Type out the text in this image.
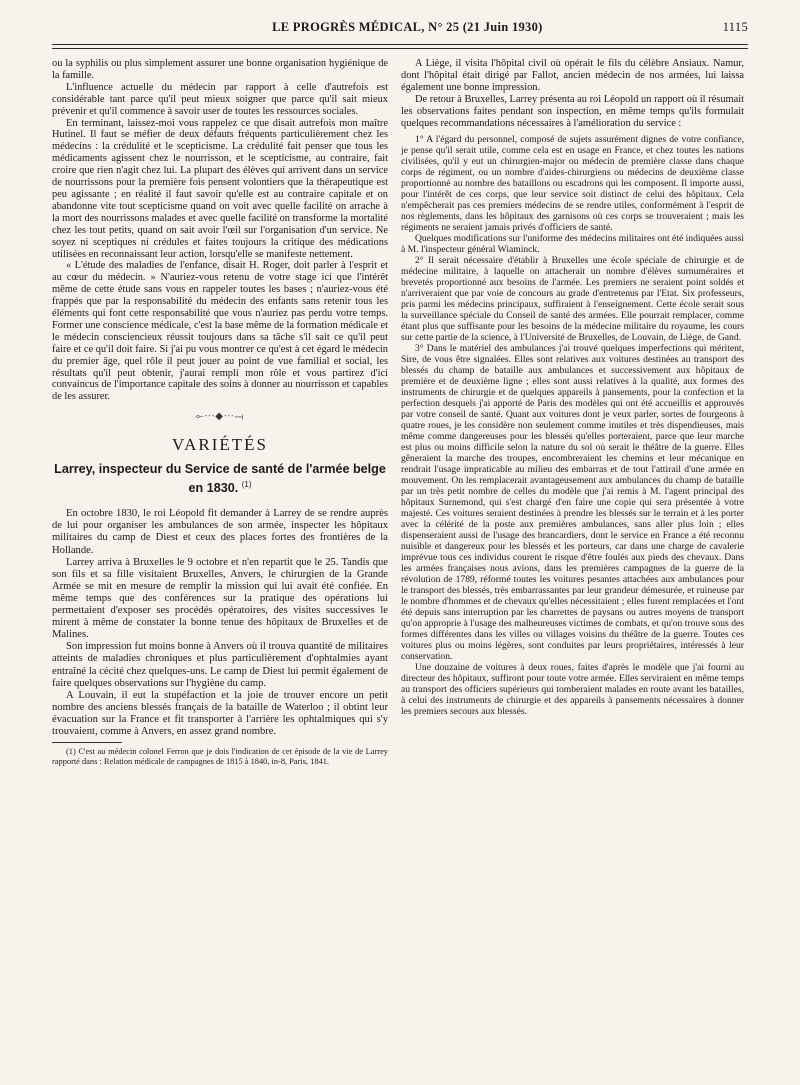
LE PROGRÈS MÉDICAL, N° 25 (21 Juin 1930)	1115

ou la syphilis ou plus simplement assurer une bonne organisation hygiénique de la famille.

L'influence actuelle du médecin par rapport à celle d'autrefois est considérable tant parce qu'il peut mieux soigner que parce qu'il sait mieux prévenir et qu'il commence à savoir user de toutes les ressources sociales.

En terminant, laissez-moi vous rappelez ce que disait autrefois mon maître Hutinel. Il faut se méfier de deux défauts fréquents particulièrement chez les médecins : la crédulité et le scepticisme. La crédulité fait penser que tous les médicaments agissent chez le nourrisson, et le scepticisme, au contraire, fait croire que rien n'agit chez lui. La plupart des élèves qui arrivent dans un service de nourrissons pour la première fois pensent volontiers que la thérapeutique est peu agissante ; en réalité il faut savoir qu'elle est au contraire capitale et on abandonne vite tout scepticisme quand on voit avec quelle facilité on arrache à la mort des nourrissons malades et avec quelle facilité on transforme la mortalité chez les tout petits, quand on sait avoir l'œil sur l'organisation d'un service. Ne soyez ni sceptiques ni crédules et faites toujours la critique des médications utilisées en reconnaissant leur action, lorsqu'elle se manifeste nettement.

« L'étude des maladies de l'enfance, disait H. Roger, doit parler à l'esprit et au cœur du médecin. » N'auriez-vous retenu de votre stage ici que l'intérêt même de cette étude sans vous en rappeler toutes les bases ; n'auriez-vous été frappés que par la responsabilité du médecin des enfants sans retenir tous les éléments qui font cette responsabilité que vous n'auriez pas perdu votre temps. Former une conscience médicale, c'est la base même de la formation médicale et le médecin consciencieux réussit toujours dans sa tâche s'il sait ce qu'il peut faire et ce qu'il doit faire. Si j'ai pu vous montrer ce qu'est à cet égard le médecin du premier âge, quel rôle il peut jouer au point de vue familial et social, les résultats qu'il peut obtenir, j'aurai rempli mon rôle et vous partirez d'ici convaincus de l'importance capitale des soins à donner au nourrisson et capables de les assurer.

⟜∙∙∙◆∙∙∙⟞
VARIÉTÉS
Larrey, inspecteur du Service de santé de l'armée belge en 1830. $^{(1)}$

En octobre 1830, le roi Léopold fit demander à Larrey de se rendre auprès de lui pour organiser les ambulances de son armée, inspecter les hôpitaux militaires du camp de Diest et ceux des places fortes des frontières de la Hollande.

Larrey arriva à Bruxelles le 9 octobre et n'en repartit que le 25. Tandis que son fils et sa fille visitaient Bruxelles, Anvers, le chirurgien de la Grande Armée se mit en mesure de remplir la mission qui lui avait été confiée. En même temps que des conférences sur la pratique des opérations lui permettaient d'exposer ses procédés opératoires, des visites successives le mirent à même de constater la bonne tenue des hôpitaux de Bruxelles et de Malines.

Son impression fut moins bonne à Anvers où il trouva quantité de militaires atteints de maladies chroniques et plus particulièrement d'ophtalmies ayant entraîné la cécité chez quelques-uns. Le camp de Diest lui permit également de faire quelques observations sur l'hygiène du camp.

A Louvain, il eut la stupéfaction et la joie de trouver encore un petit nombre des anciens blessés français de la bataille de Waterloo ; il obtint leur évacuation sur la France et fit transporter à l'arrière les ophtalmiques qui s'y trouvaient, comme à Anvers, en assez grand nombre.

(1) C'est au médecin colonel Ferron que je dois l'indication de cet épisode de la vie de Larrey rapporté dans : Relation médicale de campagnes de 1815 à 1840, in-8, Paris, 1841.

A Liège, il visita l'hôpital civil où opérait le fils du célèbre Ansiaux. Namur, dont l'hôpital était dirigé par Fallot, ancien médecin de nos armées, lui laissa également une bonne impression.

De retour à Bruxelles, Larrey présenta au roi Léopold un rapport où il résumait les observations faites pendant son inspection, en même temps qu'ils formulait quelques recommandations nécessaires à l'amélioration du service :

1° A l'égard du personnel, composé de sujets assurément dignes de votre confiance, je pense qu'il serait utile, comme cela est en usage en France, et chez toutes les nations civilisées, qu'il y eut un chirurgien-major ou médecin de première classe dans chaque corps de régiment, ou un nombre d'aides-chirurgiens ou médecins de deuxième classe proportionné au nombre des bataillons ou escadrons qui les composent. Il importe aussi, pour l'intérêt de ces corps, que leur service soit distinct de celui des hôpitaux. Cela n'empêcherait pas ces premiers médecins de se rendre utiles, conformément à l'esprit de nos règlements, dans les hôpitaux des garnisons où ces corps se trouveraient ; mais les régiments ne seraient jamais privés d'officiers de santé.

Quelques modifications sur l'uniforme des médecins militaires ont été indiquées aussi à M. l'inspecteur général Wiaminck.

2° Il serait nécessaire d'établir à Bruxelles une école spéciale de chirurgie et de médecine militaire, à laquelle on attacherait un nombre d'élèves surnuméraires et brevetés proportionné aux besoins de l'armée. Les premiers ne seraient point soldés et n'arriveraient que par voie de concours au grade d'entretenus par l'Etat. Six professeurs, pris parmi les médecins principaux, suffiraient à l'enseignement. Cette école serait sous la surveillance spéciale du Conseil de santé des armées. Elle pourrait remplacer, comme étant plus que suffisante pour les besoins de la médecine militaire du royaume, les cours sur cette partie de la science, à l'Université de Bruxelles, de Louvain, de Liège, de Gand.

3° Dans le matériel des ambulances j'ai trouvé quelques imperfections qui méritent, Sire, de vous être signalées. Elles sont relatives aux voitures destinées au transport des blessés du champ de bataille aux ambulances et successivement aux hôpitaux de première et de deuxième ligne ; elles sont aussi relatives à la qualité, aux formes des instruments de chirurgie et de quelques appareils à pansements, pour la confection et la perfection desquels j'ai apporté de Paris des modèles qui ont été accueillis et approuvés par votre conseil de santé. Quant aux voitures dont je veux parler, sortes de fourgeons à quatre roues, je les considère non seulement comme inutiles et très dispendieuses, mais même comme dangereuses pour les blessés qu'elles porteraient, parce que leur marche est plus ou moins difficile selon la nature du sol où serait le théâtre de la guerre. Elles gêneraient la marche des troupes, encombreraient les chemins et leur mécanique en rendrait l'usage impraticable au milieu des embarras et de tout l'attirail d'une armée en mouvement. On les remplacerait avantageusement aux ambulances du champ de bataille par un très petit nombre de celles du modèle que j'ai remis à M. l'agent principal des hôpitaux Surnemond, qui s'est chargé d'en faire une copie qui sera présentée à votre majesté. Ces voitures seraient destinées à prendre les blessés sur le terrain et à les porter avec la célérité de la poste aux premières ambulances, sans aller plus loin ; elles dispenseraient aussi de l'usage des brancardiers, dont le service en France a été reconnu nuisible et dangereux pour les blessés et les porteurs, car dans une charge de cavalerie imprévue tous ces individus courent le risque d'être foulés aux pieds des chevaux. Dans les armées françaises nous avions, dans les premières campagnes de la guerre de la révolution de 1789, réformé toutes les voitures pesantes attachées aux ambulances pour le transport des blessés, très embarrassantes par leur grandeur démesurée, et ruineuse par le nombre d'hommes et de chevaux qu'elles nécessitaient ; elles furent remplacées et l'ont été depuis sans interruption par les charrettes de paysans ou autres moyens de transport qu'on approprie à l'usage des malheureuses victimes de combats, et qu'on trouve sous des formes différentes dans les villes ou villages voisins du théâtre de la guerre. Toutes ces voitures plus ou moins légères, sont conduites par leurs propriétaires, intéressés à leur conservation.

Une douzaine de voitures à deux roues, faites d'après le modèle que j'ai fourni au directeur des hôpitaux, suffiront pour toute votre armée. Elles serviraient en même temps au transport des officiers supérieurs qui tomberaient malades en route avant les batailles, à celui des instruments de chirurgie et des appareils à pansements nécessaires à donner les premiers secours aux blessés.
